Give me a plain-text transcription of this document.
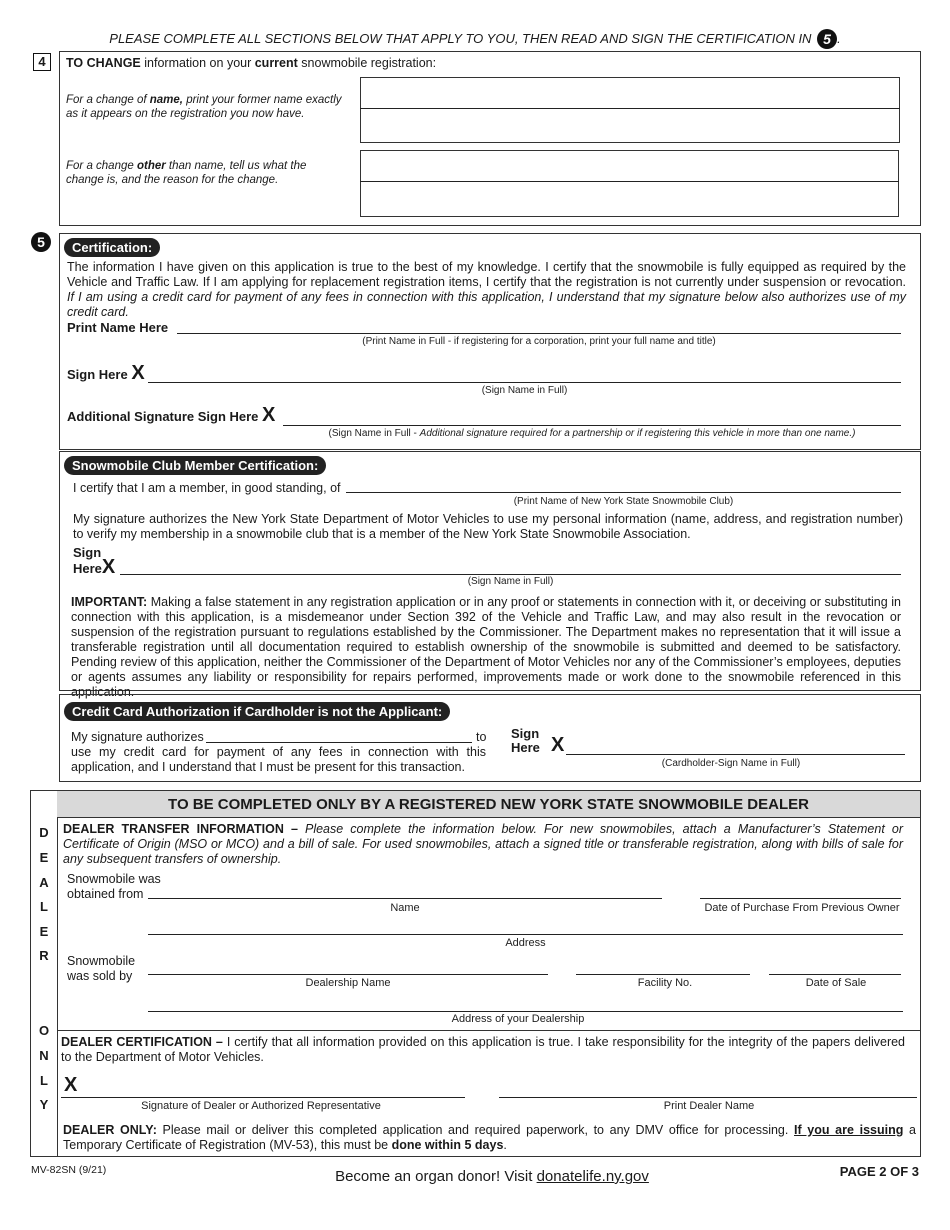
PLEASE COMPLETE ALL SECTIONS BELOW THAT APPLY TO YOU, THEN READ AND SIGN THE CERTIFICATION IN 5 .
4	TO CHANGE information on your current snowmobile registration:
For a change of name, print your former name exactly as it appears on the registration you now have.
For a change other than name, tell us what the change is, and the reason for the change.
5	Certification:
The information I have given on this application is true to the best of my knowledge. I certify that the snowmobile is fully equipped as required by the Vehicle and Traffic Law. If I am applying for replacement registration items, I certify that the registration is not currently under suspension or revocation. If I am using a credit card for payment of any fees in connection with this application, I understand that my signature below also authorizes use of my credit card.
Print Name Here
(Print Name in Full - if registering for a corporation, print your full name and title)
Sign Here X
(Sign Name in Full)
Additional Signature Sign Here X
(Sign Name in Full - Additional signature required for a partnership or if registering this vehicle in more than one name.)
Snowmobile Club Member Certification:
I certify that I am a member, in good standing, of
(Print Name of New York State Snowmobile Club)
My signature authorizes the New York State Department of Motor Vehicles to use my personal information (name, address, and registration number) to verify my membership in a snowmobile club that is a member of the New York State Snowmobile Association.
Sign
HereX
(Sign Name in Full)
IMPORTANT: Making a false statement in any registration application or in any proof or statements in connection with it, or deceiving or substituting in connection with this application, is a misdemeanor under Section 392 of the Vehicle and Traffic Law, and may also result in the revocation or suspension of the registration pursuant to regulations established by the Commissioner. The Department makes no representation that it will issue a transferable registration until all documentation required to establish ownership of the snowmobile is submitted and deemed to be satisfactory. Pending review of this application, neither the Commissioner of the Department of Motor Vehicles nor any of the Commissioner’s employees, deputies or agents assumes any liability or responsibility for repairs performed, improvements made or work done to the snowmobile referenced in this application.
Credit Card Authorization if Cardholder is not the Applicant:
My signature authorizes	to
use my credit card for payment of any fees in connection with this application, and I understand that I must be present for this transaction.
Sign
Here X
(Cardholder-Sign Name in Full)
TO BE COMPLETED ONLY BY A REGISTERED NEW YORK STATE SNOWMOBILE DEALER
D
E
A
L
E
R
O
N
L
Y
DEALER TRANSFER INFORMATION – Please complete the information below. For new snowmobiles, attach a Manufacturer’s Statement or Certificate of Origin (MSO or MCO) and a bill of sale. For used snowmobiles, attach a signed title or transferable registration, along with bills of sale for any subsequent transfers of ownership.
Snowmobile was
obtained from
Name	Date of Purchase From Previous Owner
Address
Snowmobile
was sold by	Dealership Name	Facility No.	Date of Sale
Address of your Dealership
DEALER CERTIFICATION – I certify that all information provided on this application is true. I take responsibility for the integrity of the papers delivered to the Department of Motor Vehicles.
X
Signature of Dealer or Authorized Representative	Print Dealer Name
DEALER ONLY: Please mail or deliver this completed application and required paperwork, to any DMV office for processing. If you are issuing a Temporary Certificate of Registration (MV-53), this must be done within 5 days.
MV-82SN (9/21)	Become an organ donor! Visit donatelife.ny.gov	PAGE 2 OF 3
